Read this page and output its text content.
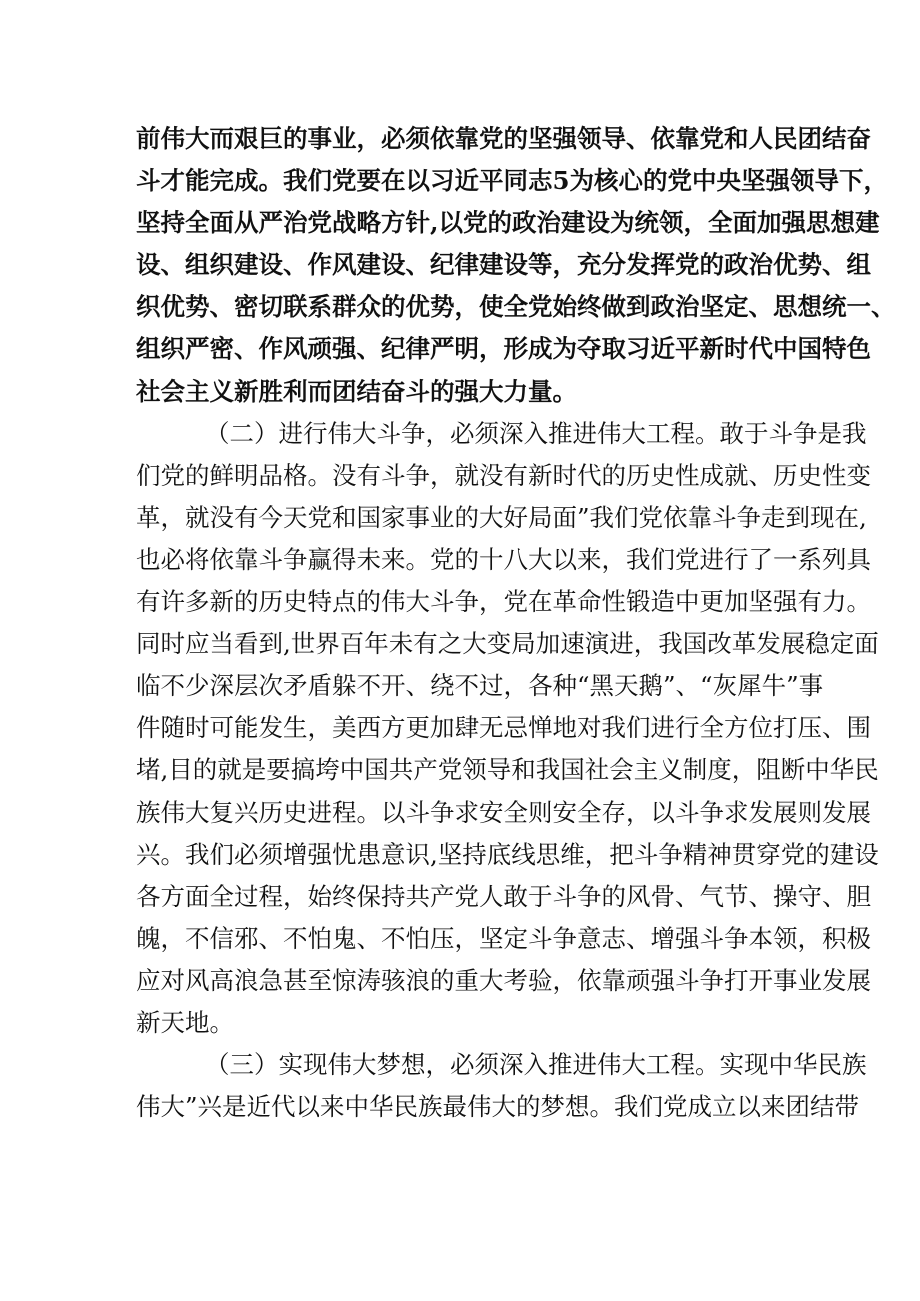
前伟大而艰巨的事业，必须依靠党的坚强领导、依靠党和人民团结奋
斗才能完成。我们党要在以习近平同志5为核心的党中央坚强领导下，
坚持全面从严治党战略方针,以党的政治建设为统领，全面加强思想建
设、组织建设、作风建设、纪律建设等，充分发挥党的政治优势、组
织优势、密切联系群众的优势，使全党始终做到政治坚定、思想统一、
组织严密、作风顽强、纪律严明，形成为夺取习近平新时代中国特色
社会主义新胜利而团结奋斗的强大力量。
（二）进行伟大斗争，必须深入推进伟大工程。敢于斗争是我
们党的鲜明品格。没有斗争，就没有新时代的历史性成就、历史性变
革，就没有今天党和国家事业的大好局面”我们党依靠斗争走到现在,
也必将依靠斗争赢得未来。党的十八大以来，我们党进行了一系列具
有许多新的历史特点的伟大斗争，党在革命性锻造中更加坚强有力。
同时应当看到,世界百年未有之大变局加速演进，我国改革发展稳定面
临不少深层次矛盾躲不开、绕不过，各种“黑天鹅”、“灰犀牛”事
件随时可能发生，美西方更加肆无忌惮地对我们进行全方位打压、围
堵,目的就是要搞垮中国共产党领导和我国社会主义制度，阻断中华民
族伟大复兴历史进程。以斗争求安全则安全存，以斗争求发展则发展
兴。我们必须增强忧患意识,坚持底线思维，把斗争精神贯穿党的建设
各方面全过程，始终保持共产党人敢于斗争的风骨、气节、操守、胆
魄，不信邪、不怕鬼、不怕压，坚定斗争意志、增强斗争本领，积极
应对风高浪急甚至惊涛骇浪的重大考验，依靠顽强斗争打开事业发展
新天地。
（三）实现伟大梦想，必须深入推进伟大工程。实现中华民族
伟大”兴是近代以来中华民族最伟大的梦想。我们党成立以来团结带
